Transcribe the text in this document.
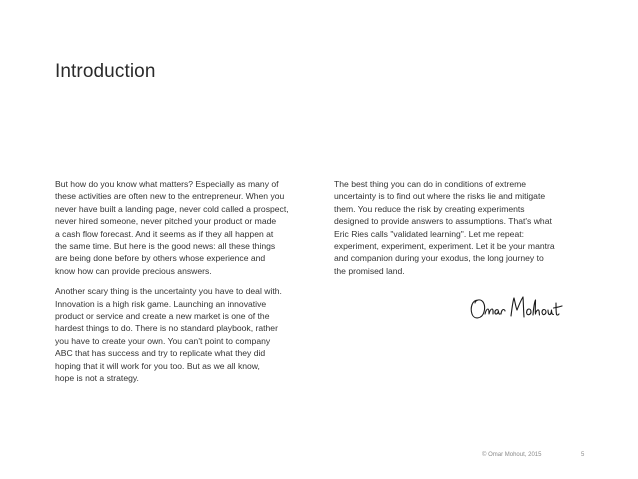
Introduction

But how do you know what matters? Especially as many of
these activities are often new to the entrepreneur. When you
never have built a landing page, never cold called a prospect,
never hired someone, never pitched your product or made
a cash flow forecast. And it seems as if they all happen at
the same time. But here is the good news: all these things
are being done before by others whose experience and
know how can provide precious answers.

Another scary thing is the uncertainty you have to deal with.
Innovation is a high risk game. Launching an innovative
product or service and create a new market is one of the
hardest things to do. There is no standard playbook, rather
you have to create your own. You can't point to company
ABC that has success and try to replicate what they did
hoping that it will work for you too. But as we all know,
hope is not a strategy.

The best thing you can do in conditions of extreme
uncertainty is to find out where the risks lie and mitigate
them. You reduce the risk by creating experiments
designed to provide answers to assumptions. That's what
Eric Ries calls "validated learning". Let me repeat:
experiment, experiment, experiment. Let it be your mantra
and companion during your exodus, the long journey to
the promised land.

© Omar Mohout, 2015	5
